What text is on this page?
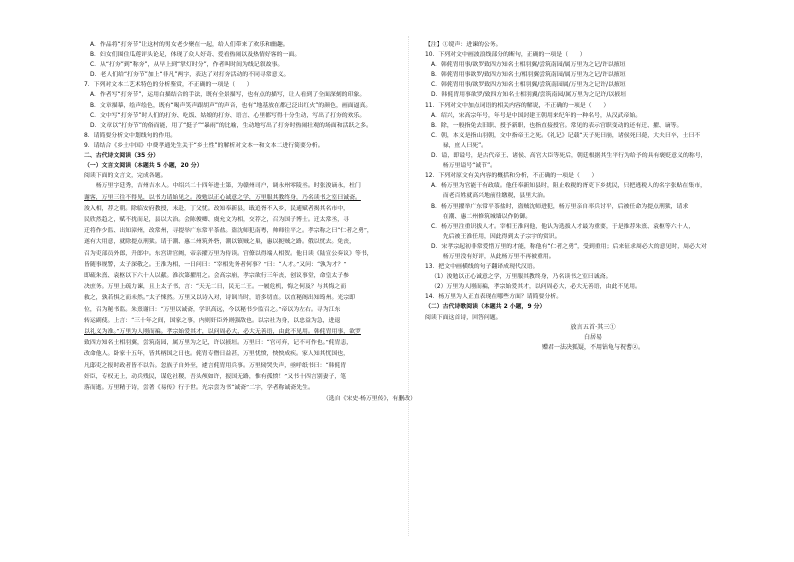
A．作品将“打夯节”让这村的男女老少聚在一起，给人们带来了欢乐和幽趣。

B．妇女们围住瓜莲评头论足，体现了众人好奇、爱看热闹以及热情好客的一面。

C．从“打夯”到“称夯”，从早上到“掌灯时分”，作者叫时间为线记叙故事。

D．老人们给“打夯节”加上“非凡”两字，表达了对打夯活动的不同寻常意义。

7．下列对文本二艺术特色的分析鉴赏，不正确的一项是（　　）

A．作者写“打夯节”，运用白描结合的手法，既有全景描写，也有点的描写，让人看到了全面深刻的印象。

B．文章描摹，绘声绘色，既有“喝声笑声跟胡声”的声音，也有“地基放在都已泛出红火”的颜色，画面逼真。

C．文中写“打夯节”时人们的打夯、吃饭、姑娘的打夯、语言、心里都写得十分生动，写出了打夯的欢乐。

D．文章以“打夯节”的俗而能，用了“挺子”“暴雨”的比喻，生动地写出了打夯时热闹壮观的场面和活跃之多。

8．请简要分析文中划线句的作用。

9．请结合《乡土中国》中费孝通先生关于“乡土性”的解析对文本一和文本二进行简要分析。

二、古代诗文阅读（35 分）

（一）文言文阅读（本题共 5 小题，20 分）

阅读下面的文言文，完成各题。

　　杨万里字廷秀，吉州吉水人。中绍兴二十四年进士第，为赣州司户，调永州零陵丞。时张浚谪永，杜门

谢客，万里三往不得见，以书力请始见之。浚勉以正心诚意之学，万里服其教终身，乃名读书之室曰诚斋。

浚入相，荐之朝。除临安府教授，未赴，丁父忧。改知奉新县，戢追胥不入乡，民逋赋者揭其名市中，

民欣然趋之，赋不扰而足，县以大治。会陈俊卿、虞允文为相，交荐之，召为国子博士。迁太常丞，寻

迁将作少监、出知漳州，改常州，寻提举广东常平茶盐。盗沈师犯南粤，帅师往平之。孝宗称之曰“仁者之勇”，

遂有大用意，就除提点刑狱。请于潮、惠二州筑外砦，潮以镇贼之巢，惠以扼贼之路。俄以忧去。免丧，

召为吏部员外郎，升郎中。东宫讲官阙，帝亲擢万里为侍读。宫僚以得端人相贺。他日读《陆宣公奏议》等书，

皆随事规警，太子深敬之。王淮为相，一日问曰：“宰相先务者何事？”曰：“人才。”又问：“孰为才？”

即疏朱熹、袁枢以下六十人以献。淮次第擢用之。会高宗崩，孝宗欲行三年丧，创议事堂，命皇太子参

决庶务。万里上疏力谏，且上太子书，言：“天无二日，民无二王。一履危机，悔之何及？与其悔之而

救之，孰若惧之而未然。”太子悚然。万里又以诗入对，诗讽当时，语多切直。以直秘阁出知筠州。光宗即

位，召为秘书监。朱熹谢曰：“万里以诚斋，学识高远，今以秘书少监召之。”帝以为左右。寻为江东

转运副使。上言：“三十年之间，国家之事，内则奸臣外则强敌也。以宗社为身，以忠益为急，进退

以礼义为准。”万里为人刚而褊。孝宗始爱其才，以问周必大，必大无善语，由此不见用。韩侂胄用事，欲罗

致四方知名士相羽翼，尝筑南园，属万里为之记，许以掖垣。万里曰：“官可弃，记不可作也。”侂胄恚，

改命他人。卧家十五年，皆其柄国之日也。侂胄专僭日益甚，万里忧愤，怏怏成疾。家人知其忧国也，

凡邸吏之报时政者皆不以告。忽族子自外至，遽言侂胄用兵事。万里恸哭失声，亟呼纸书曰：“韩侂胄

奸臣，专权无上，动兵残民，谋危社稷，吾头颅如许，报国无路，惟有孤愤！”又书十四言别妻子，笔

落而逝。万里精于诗，尝著《易传》行于世。光宗尝为书“诚斋”二字，学者称诚斋先生。

（选自《宋史·杨万里传》，有删改）

【注】①谠声：进谏的公务。

10．下列对文中画波浪线部分的断句，正确的一项是（　　）

A．韩侂胄用事/欲罗致四方知名士相羽翼/尝筑南园/属万里为之记/许以掖垣

B．韩侂胄用事欲罗/致四方知名士/相羽翼尝筑南园/属万里为之记/许以掖垣

C．韩侂胄用事/欲罗致四方知名士相羽翼/尝筑南园属/万里为之记许/以掖垣

D．韩侂胄用事欲罗/致四方知名士相羽翼/尝筑南园/属万里为之记许/以掖垣

11．下列对文中加点词语的相关内容的解说，不正确的一项是（　　）

A．绍兴，宋高宗年号，年号是中国封建王朝用来纪年的一种名号，从汉武帝始。

B．除，一般指免去旧职、授予新职，也指直接授官。常见的表示官职变动的还有迁、擢、谪等。

C．朝，本义是指山羽朝，文中指帝王之死。《礼记》记载“天子死曰崩，诸侯死曰薨，大夫曰卒，士曰不

　　禄，庶人曰死”。

D．谥，即谥号，是古代帝王、诸侯、高官大臣等死后，朝廷根据其生平行为给予的具有褒贬意义的称号，

　　杨万里谥号“诚节”。

12．下列对原文有关内容的概括和分析，不正确的一项是（　　）

A．杨万里为官能干有政绩。他任奉新知县时，阻止收税的胥吏下乡扰民，只把逃税人的名字张贴在集市，

　　而老百姓就高兴地前往缴税，县里大治。

B．杨万里擢举广东常平茶盐时，盗贼沈师进犯，杨万里亲自率兵讨平，后被任命为提点刑狱，请求

　　在潮、惠二州修筑城墙以作防御。

C．杨万里注重识拔人才。宰相王淮问他，他认为选拔人才最为重要，于是推荐朱熹、袁枢等六十人，

　　先后被王淮任用，因此得到太子宗宇的赏识。

D．宋孝宗起初非常爱惜万里的才能，称他有“仁者之勇”，受到重用；后来征求周必大的意见时，周必大对

　　杨万里没有好评，从此杨万里不再被重用。

13．把文中画横线的句子翻译成现代汉语。

（1）浚勉以正心诚意之学，万里服其教终身，乃名读书之室曰诚斋。

（2）万里为人刚而褊，孝宗始爱其才，以问周必大，必大无善语，由此不见用。

14．杨万里为人正直表现在哪些方面？请简要分析。

（二）古代诗歌阅读（本题共 2 小题，9 分）

阅读下面这首诗，回答问题。

放言五首·其三①

白居易

赠君一法决狐疑，不用钻龟与祝蓍②。
